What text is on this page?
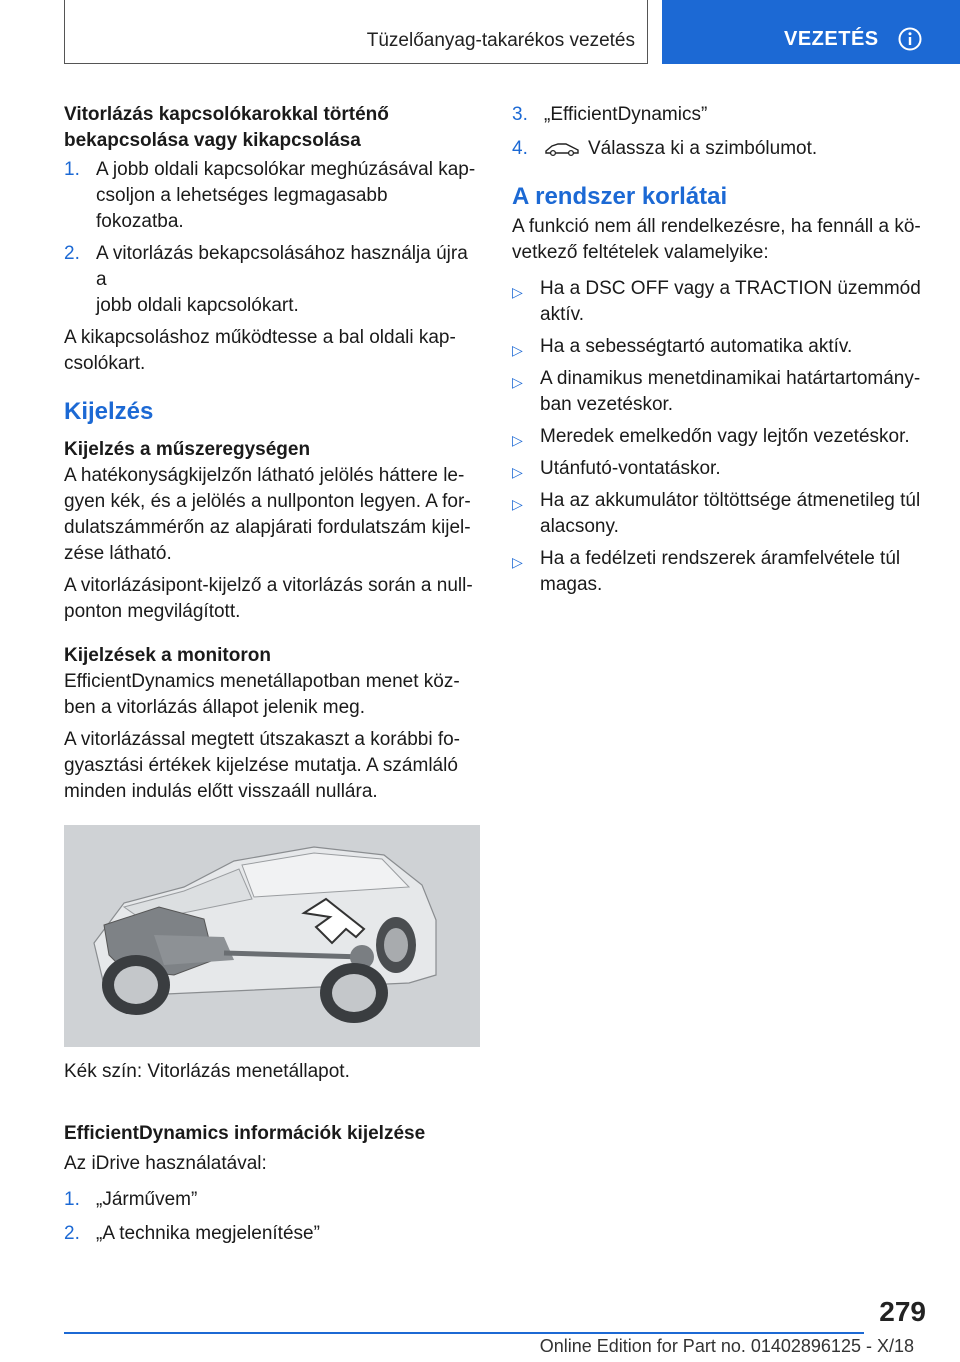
Tüzelőanyag-takarékos vezetés	VEZETÉS

Vitorlázás kapcsolókarokkal történő

bekapcsolása vagy kikapcsolása

1. A jobb oldali kapcsolókar meghúzásával kap‐

csoljon a lehetséges legmagasabb fokozatba.

2. A vitorlázás bekapcsolásához használja újra a

jobb oldali kapcsolókart.

A kikapcsoláshoz működtesse a bal oldali kap‐

csolókart.

Kijelzés

Kijelzés a műszeregységen

A hatékonyságkijelzőn látható jelölés háttere le‐

gyen kék, és a jelölés a nullponton legyen. A for‐

dulatszámmérőn az alapjárati fordulatszám kijel‐

zése látható.

A vitorlázásipont-kijelző a vitorlázás során a null‐

ponton megvilágított.

Kijelzések a monitoron

EfficientDynamics menetállapotban menet köz‐

ben a vitorlázás állapot jelenik meg.

A vitorlázással megtett útszakaszt a korábbi fo‐

gyasztási értékek kijelzése mutatja. A számláló

minden indulás előtt visszaáll nullára.

Kék szín: Vitorlázás menetállapot.

EfficientDynamics információk kijelzése

Az iDrive használatával:

1. „Járművem”

2. „A technika megjelenítése”

3. „EfficientDynamics”

4.	Válassza ki a szimbólumot.

A rendszer korlátai

A funkció nem áll rendelkezésre, ha fennáll a kö‐

vetkező feltételek valamelyike:

▷ Ha a DSC OFF vagy a TRACTION üzemmód

aktív.

▷ Ha a sebességtartó automatika aktív.

▷ A dinamikus menetdinamikai határtartomány‐

ban vezetéskor.

▷ Meredek emelkedőn vagy lejtőn vezetéskor.

▷ Utánfutó-vontatáskor.

▷ Ha az akkumulátor töltöttsége átmenetileg túl

alacsony.

▷ Ha a fedélzeti rendszerek áramfelvétele túl

magas.

279
Online Edition for Part no. 01402896125 - X/18
